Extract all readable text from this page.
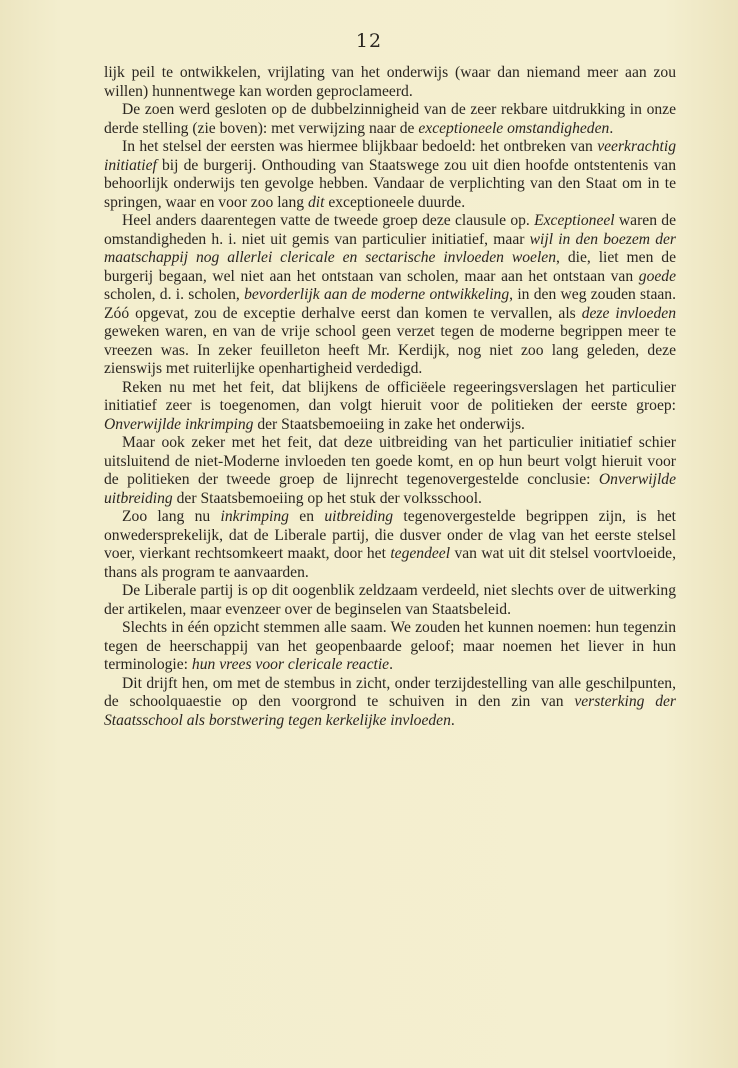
12

lijk peil te ontwikkelen, vrijlating van het onderwijs (waar dan niemand meer aan zou willen) hunnentwege kan worden geproclameerd.

De zoen werd gesloten op de dubbelzinnigheid van de zeer rekbare uitdrukking in onze derde stelling (zie boven): met verwijzing naar de exceptioneele omstandigheden.

In het stelsel der eersten was hiermee blijkbaar bedoeld: het ontbreken van veerkrachtig initiatief bij de burgerij. Onthouding van Staatswege zou uit dien hoofde ontstentenis van behoorlijk onderwijs ten gevolge hebben. Vandaar de verplichting van den Staat om in te springen, waar en voor zoo lang dit exceptioneele duurde.

Heel anders daarentegen vatte de tweede groep deze clausule op. Exceptioneel waren de omstandigheden h. i. niet uit gemis van particulier initiatief, maar wijl in den boezem der maatschappij nog allerlei clericale en sectarische invloeden woelen, die, liet men de burgerij begaan, wel niet aan het ontstaan van scholen, maar aan het ontstaan van goede scholen, d. i. scholen, bevorderlijk aan de moderne ontwikkeling, in den weg zouden staan. Zóó opgevat, zou de exceptie derhalve eerst dan komen te vervallen, als deze invloeden geweken waren, en van de vrije school geen verzet tegen de moderne begrippen meer te vreezen was. In zeker feuilleton heeft Mr. Kerdijk, nog niet zoo lang geleden, deze zienswijs met ruiterlijke openhartigheid verdedigd.

Reken nu met het feit, dat blijkens de officiëele regeeringsverslagen het particulier initiatief zeer is toegenomen, dan volgt hieruit voor de politieken der eerste groep: Onverwijlde inkrimping der Staatsbemoeiing in zake het onderwijs.

Maar ook zeker met het feit, dat deze uitbreiding van het particulier initiatief schier uitsluitend de niet-Moderne invloeden ten goede komt, en op hun beurt volgt hieruit voor de politieken der tweede groep de lijnrecht tegenovergestelde conclusie: Onverwijlde uitbreiding der Staatsbemoeiing op het stuk der volksschool.

Zoo lang nu inkrimping en uitbreiding tegenovergestelde begrippen zijn, is het onwedersprekelijk, dat de Liberale partij, die dusver onder de vlag van het eerste stelsel voer, vierkant rechtsomkeert maakt, door het tegendeel van wat uit dit stelsel voortvloeide, thans als program te aanvaarden.

De Liberale partij is op dit oogenblik zeldzaam verdeeld, niet slechts over de uitwerking der artikelen, maar evenzeer over de beginselen van Staatsbeleid.

Slechts in één opzicht stemmen alle saam. We zouden het kunnen noemen: hun tegenzin tegen de heerschappij van het geopenbaarde geloof; maar noemen het liever in hun terminologie: hun vrees voor clericale reactie.

Dit drijft hen, om met de stembus in zicht, onder terzijdestelling van alle geschilpunten, de schoolquaestie op den voorgrond te schuiven in den zin van versterking der Staatsschool als borstwering tegen kerkelijke invloeden.
